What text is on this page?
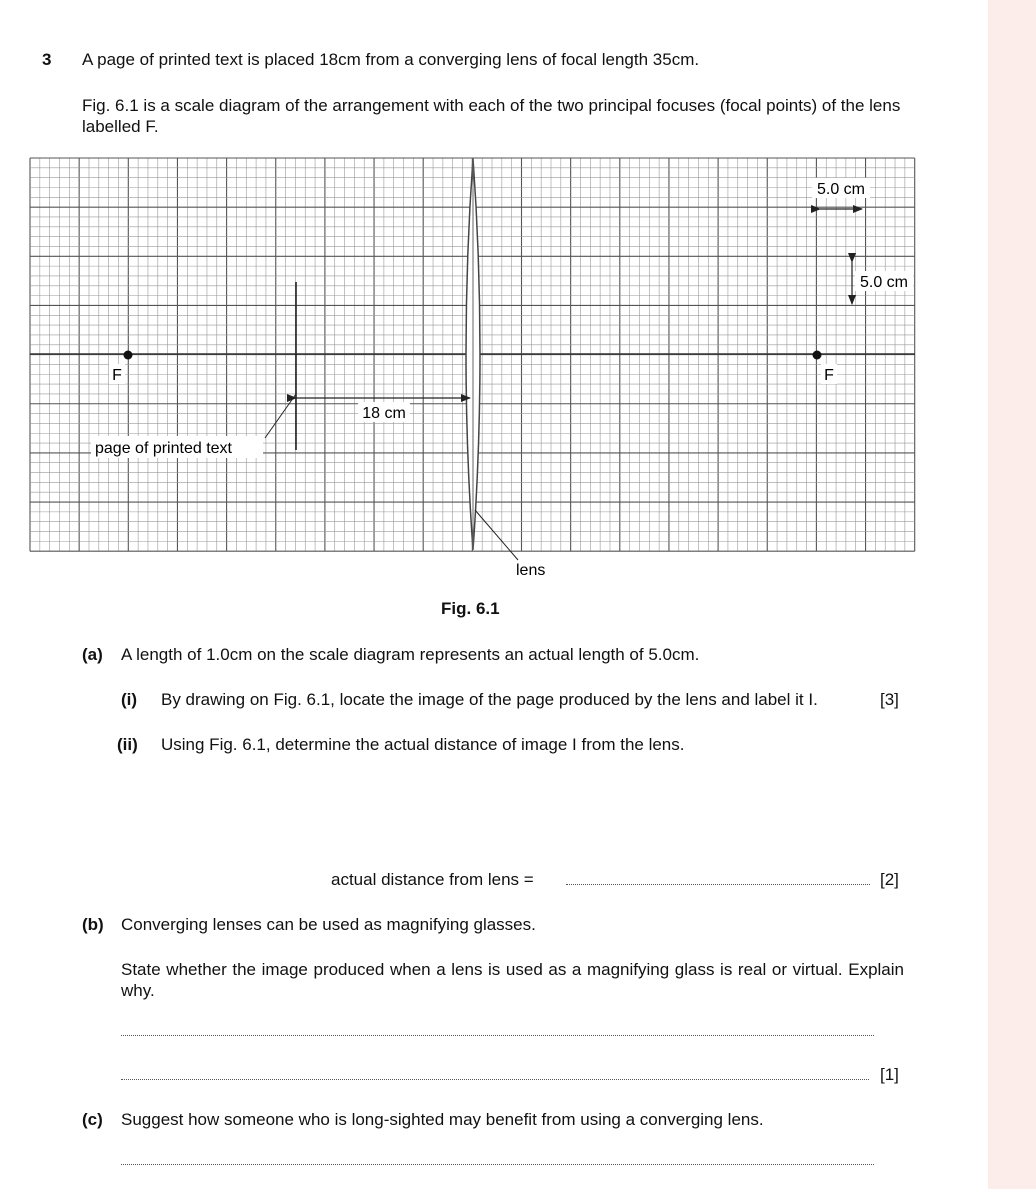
3 A page of printed text is placed 18cm from a converging lens of focal length 35cm.
Fig. 6.1 is a scale diagram of the arrangement with each of the two principal focuses (focal points) of the lens labelled F.
F	F
18 cm
page of printed text
lens
5.0 cm
5.0 cm
Fig. 6.1
(a) A length of 1.0cm on the scale diagram represents an actual length of 5.0cm.
(i) By drawing on Fig. 6.1, locate the image of the page produced by the lens and label it I.	[3]
(ii) Using Fig. 6.1, determine the actual distance of image I from the lens.
actual distance from lens =	[2]
(b) Converging lenses can be used as magnifying glasses.
State whether the image produced when a lens is used as a magnifying glass is real or virtual. Explain why.
[1]
(c) Suggest how someone who is long-sighted may benefit from using a converging lens.
